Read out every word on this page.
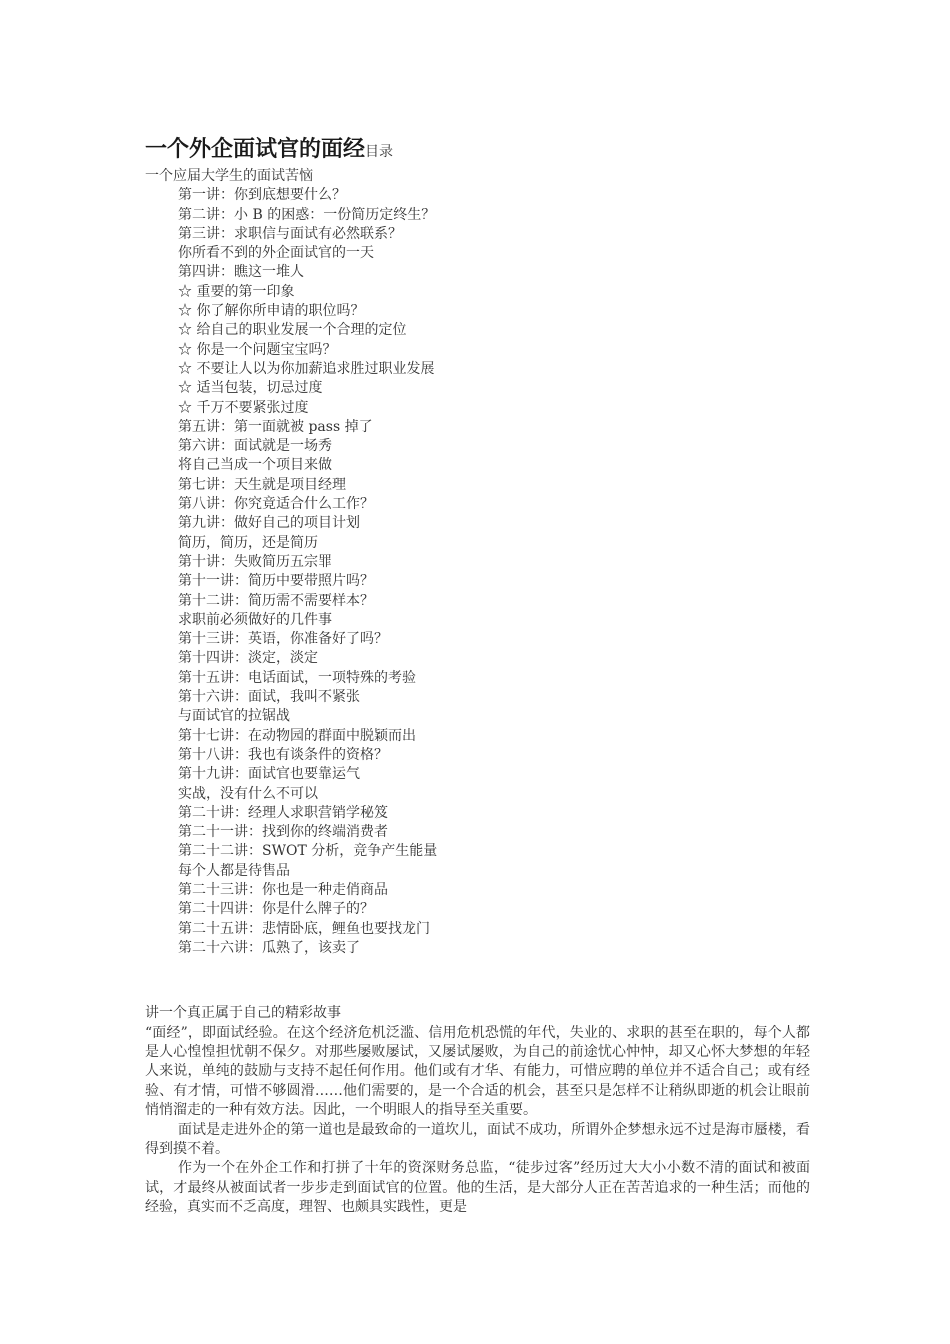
一个外企面试官的面经目录
一个应届大学生的面试苦恼
第一讲：你到底想要什么？
第二讲：小 B 的困惑：一份简历定终生？
第三讲：求职信与面试有必然联系？
你所看不到的外企面试官的一天
第四讲：瞧这一堆人
☆ 重要的第一印象
☆ 你了解你所申请的职位吗？
☆ 给自己的职业发展一个合理的定位
☆ 你是一个问题宝宝吗？
☆ 不要让人以为你加薪追求胜过职业发展
☆ 适当包装，切忌过度
☆ 千万不要紧张过度
第五讲：第一面就被 pass 掉了
第六讲：面试就是一场秀
将自己当成一个项目来做
第七讲：天生就是项目经理
第八讲：你究竟适合什么工作？
第九讲：做好自己的项目计划
简历，简历，还是简历
第十讲：失败简历五宗罪
第十一讲：简历中要带照片吗？
第十二讲：简历需不需要样本？
求职前必须做好的几件事
第十三讲：英语，你准备好了吗？
第十四讲：淡定，淡定
第十五讲：电话面试，一项特殊的考验
第十六讲：面试，我叫不紧张
与面试官的拉锯战
第十七讲：在动物园的群面中脱颖而出
第十八讲：我也有谈条件的资格？
第十九讲：面试官也要靠运气
实战，没有什么不可以
第二十讲：经理人求职营销学秘笈
第二十一讲：找到你的终端消费者
第二十二讲：SWOT 分析，竞争产生能量
每个人都是待售品
第二十三讲：你也是一种走俏商品
第二十四讲：你是什么牌子的？
第二十五讲：悲情卧底，鲤鱼也要找龙门
第二十六讲：瓜熟了，该卖了

讲一个真正属于自己的精彩故事

“面经”，即面试经验。在这个经济危机泛滥、信用危机恐慌的年代，失业的、求职的甚至在职的，每个人都是人心惶惶担忧朝不保夕。对那些屡败屡试，又屡试屡败，为自己的前途忧心忡忡，却又心怀大梦想的年轻人来说，单纯的鼓励与支持不起任何作用。他们或有才华、有能力，可惜应聘的单位并不适合自己；或有经验、有才情，可惜不够圆滑……他们需要的，是一个合适的机会，甚至只是怎样不让稍纵即逝的机会让眼前悄悄溜走的一种有效方法。因此，一个明眼人的指导至关重要。

面试是走进外企的第一道也是最致命的一道坎儿，面试不成功，所谓外企梦想永远不过是海市蜃楼，看得到摸不着。

作为一个在外企工作和打拼了十年的资深财务总监，“徒步过客”经历过大大小小数不清的面试和被面试，才最终从被面试者一步步走到面试官的位置。他的生活，是大部分人正在苦苦追求的一种生活；而他的经验，真实而不乏高度，理智、也颇具实践性，更是
